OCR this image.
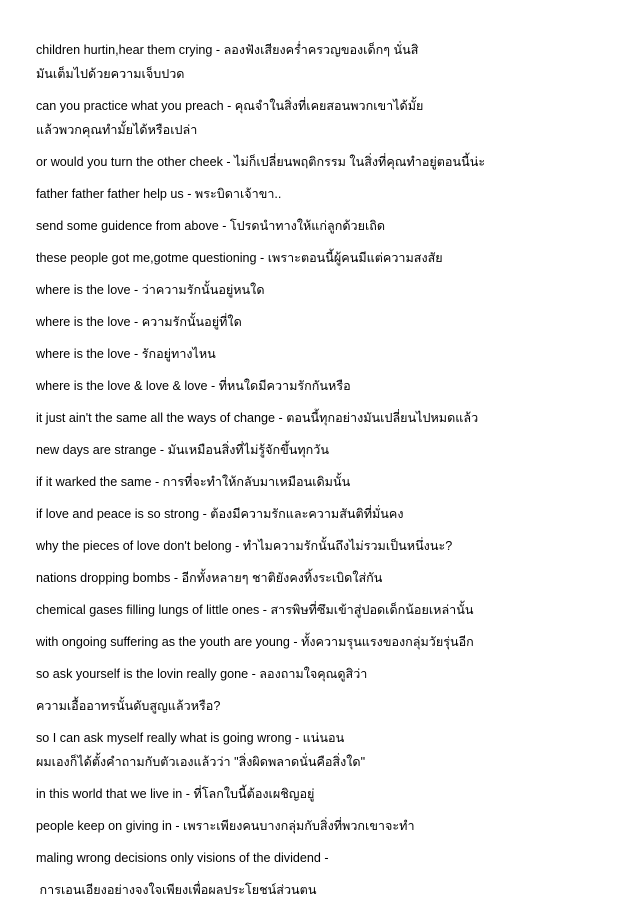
children hurtin,hear them crying - ลองฟังเสียงคร่ำครวญของเด็กๆ นั่นสิ
มันเต็มไปด้วยความเจ็บปวด

can you practice what you preach - คุณจำในสิ่งที่เคยสอนพวกเขาได้มั้ย
แล้วพวกคุณทำมั้ยได้หรือเปล่า

or would you turn the other cheek - ไม่ก็เปลี่ยนพฤติกรรม ในสิ่งที่คุณทำอยู่ตอนนี้น่ะ

father father father help us - พระบิดาเจ้าขา..

send some guidence from above - โปรดนำทางให้แก่ลูกด้วยเถิด

these people got me,gotme questioning - เพราะตอนนี้ผู้คนมีแต่ความสงสัย

where is the love - ว่าความรักนั้นอยู่หนใด

where is the love - ความรักนั้นอยู่ที่ใด

where is the love - รักอยู่ทางไหน

where is the love & love & love - ที่หนใดมีความรักกันหรือ

it just ain't the same all the ways of change - ตอนนี้ทุกอย่างมันเปลี่ยนไปหมดแล้ว

new days are strange - มันเหมือนสิ่งที่ไม่รู้จักขึ้นทุกวัน

if it warked the same - การที่จะทำให้กลับมาเหมือนเดิมนั้น

if love and peace is so strong - ต้องมีความรักและความสันติที่มั่นคง

why the pieces of love don't belong - ทำไมความรักนั้นถึงไม่รวมเป็นหนึ่งนะ?

nations dropping bombs - อีกทั้งหลายๆ ชาติยังคงทิ้งระเบิดใส่กัน

chemical gases filling lungs of little ones - สารพิษที่ซึมเข้าสู่ปอดเด็กน้อยเหล่านั้น

with ongoing suffering as the youth are young - ทั้งความรุนแรงของกลุ่มวัยรุ่นอีก

so ask yourself is the lovin really gone - ลองถามใจคุณดูสิว่า

ความเอื้ออาทรนั้นดับสูญแล้วหรือ?

so I can ask myself really what is going wrong - แน่นอน
ผมเองก็ได้ตั้งคำถามกับตัวเองแล้วว่า "สิ่งผิดพลาดนั่นคือสิ่งใด"

in this world that we live in - ที่โลกใบนี้ต้องเผชิญอยู่

people keep on giving in - เพราะเพียงคนบางกลุ่มกับสิ่งที่พวกเขาจะทำ

maling wrong decisions only visions of the dividend -

การเอนเอียงอย่างจงใจเพียงเพื่อผลประโยชน์ส่วนตน
